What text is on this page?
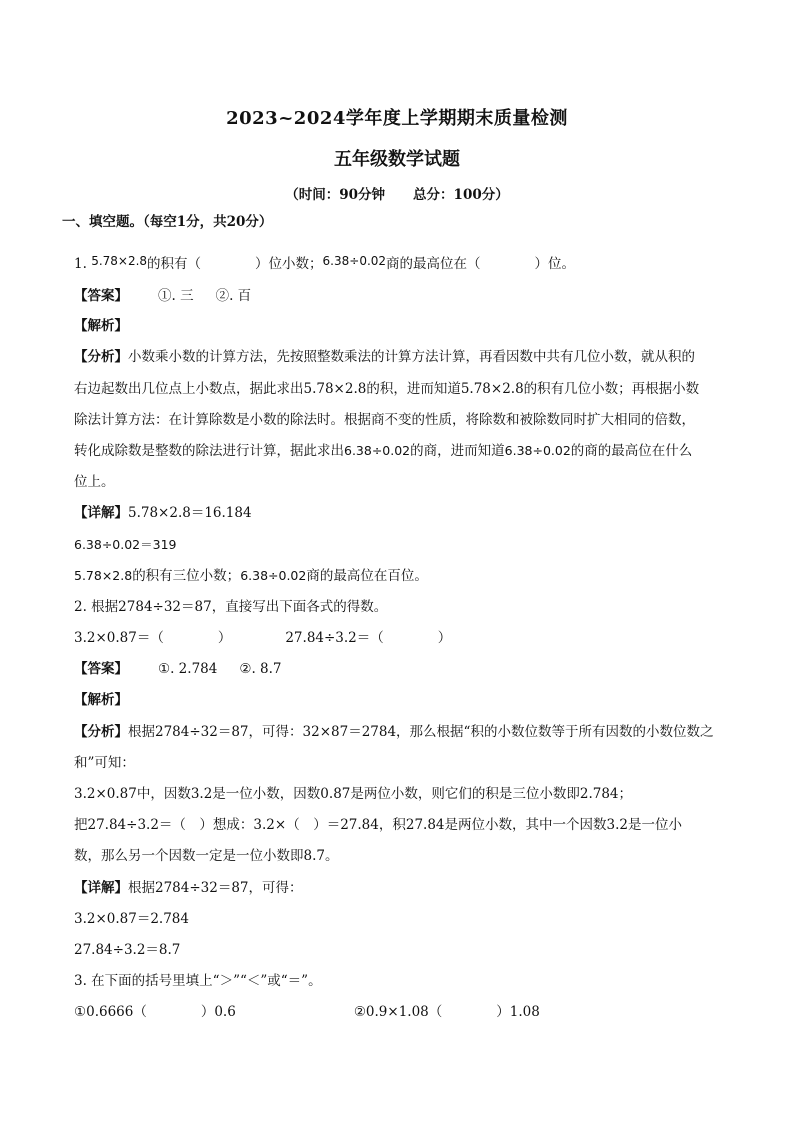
2023~2024学年度上学期期末质量检测
五年级数学试题
（时间：90分钟 总分：100分）
一、填空题。（每空1分，共20分）
1. 5.78×2.8的积有（　　　　）位小数；6.38÷0.02商的最高位在（　　　　）位。
【答案】 ①. 三 ②. 百
【解析】
【分析】小数乘小数的计算方法，先按照整数乘法的计算方法计算，再看因数中共有几位小数，就从积的
右边起数出几位点上小数点，据此求出5.78×2.8的积，进而知道5.78×2.8的积有几位小数；再根据小数
除法计算方法：在计算除数是小数的除法时。根据商不变的性质，将除数和被除数同时扩大相同的倍数，
转化成除数是整数的除法进行计算，据此求出6.38÷0.02的商，进而知道6.38÷0.02的商的最高位在什么
位上。
【详解】5.78×2.8＝16.184
6.38÷0.02＝319
5.78×2.8的积有三位小数；6.38÷0.02商的最高位在百位。
2. 根据2784÷32＝87，直接写出下面各式的得数。
3.2×0.87＝（　　　　）	27.84÷3.2＝（　　　　）
【答案】 ①. 2.784 ②. 8.7
【解析】
【分析】根据2784÷32＝87，可得：32×87＝2784，那么根据“积的小数位数等于所有因数的小数位数之
和”可知：
3.2×0.87中，因数3.2是一位小数，因数0.87是两位小数，则它们的积是三位小数即2.784；
把27.84÷3.2＝（　）想成：3.2×（　）＝27.84，积27.84是两位小数，其中一个因数3.2是一位小
数，那么另一个因数一定是一位小数即8.7。
【详解】根据2784÷32＝87，可得：
3.2×0.87＝2.784
27.84÷3.2＝8.7
3. 在下面的括号里填上“＞”“＜”或“＝”。
①0.6666（　　　　）0.6	②0.9×1.08（　　　　）1.08
